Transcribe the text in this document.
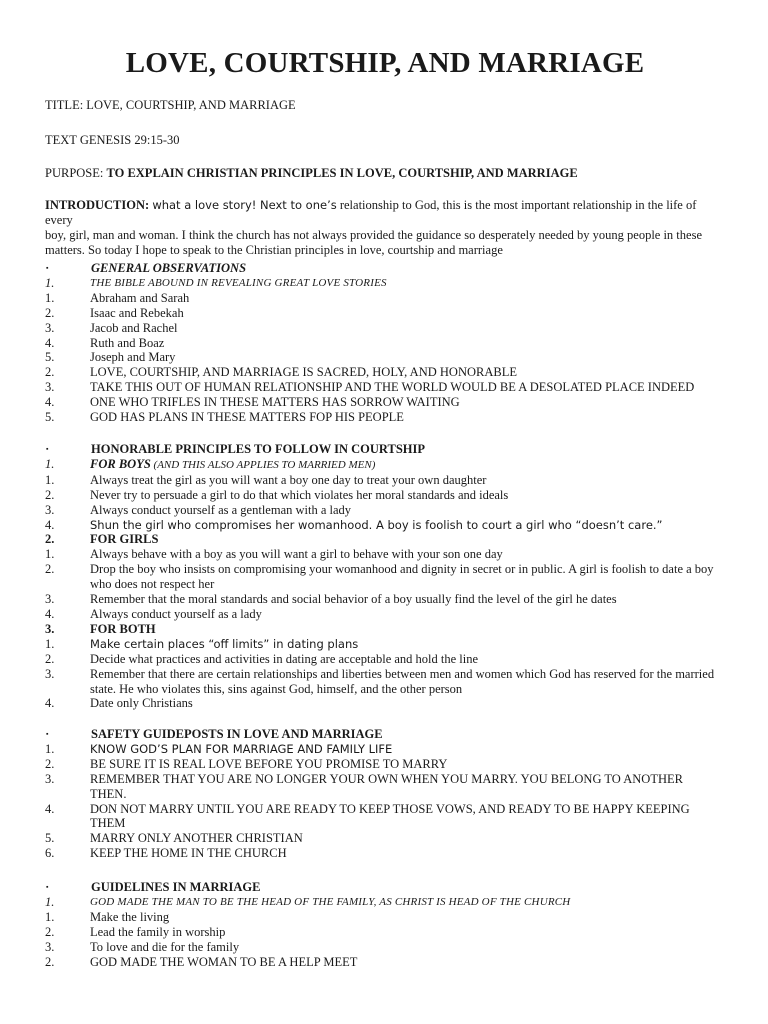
LOVE, COURTSHIP, AND MARRIAGE
TITLE: LOVE, COURTSHIP, AND MARRIAGE
TEXT GENESIS 29:15-30
PURPOSE: TO EXPLAIN CHRISTIAN PRINCIPLES IN LOVE, COURTSHIP, AND MARRIAGE
INTRODUCTION: what a love story! Next to one’s relationship to God, this is the most important relationship in the life of every
boy, girl, man and woman. I think the church has not always provided the guidance so desperately needed by young people in these
matters. So today I hope to speak to the Christian principles in love, courtship and marriage
▪	GENERAL OBSERVATIONS
1.	THE BIBLE ABOUND IN REVEALING GREAT LOVE STORIES
1.	Abraham and Sarah
2.	Isaac and Rebekah
3.	Jacob and Rachel
4.	Ruth and Boaz
5.	Joseph and Mary
2.	LOVE, COURTSHIP, AND MARRIAGE IS SACRED, HOLY, AND HONORABLE
3.	TAKE THIS OUT OF HUMAN RELATIONSHIP AND THE WORLD WOULD BE A DESOLATED PLACE INDEED
4.	ONE WHO TRIFLES IN THESE MATTERS HAS SORROW WAITING
5.	GOD HAS PLANS IN THESE MATTERS FOP HIS PEOPLE
▪	HONORABLE PRINCIPLES TO FOLLOW IN COURTSHIP
1.	FOR BOYS (AND THIS ALSO APPLIES TO MARRIED MEN)
1.	Always treat the girl as you will want a boy one day to treat your own daughter
2.	Never try to persuade a girl to do that which violates her moral standards and ideals
3.	Always conduct yourself as a gentleman with a lady
4.	Shun the girl who compromises her womanhood. A boy is foolish to court a girl who “doesn’t care.”
2.	FOR GIRLS
1.	Always behave with a boy as you will want a girl to behave with your son one day
2.	Drop the boy who insists on compromising your womanhood and dignity in secret or in public. A girl is foolish to date a boy
who does not respect her
3.	Remember that the moral standards and social behavior of a boy usually find the level of the girl he dates
4.	Always conduct yourself as a lady
3.	FOR BOTH
1.	Make certain places “off limits” in dating plans
2.	Decide what practices and activities in dating are acceptable and hold the line
3.	Remember that there are certain relationships and liberties between men and women which God has reserved for the married
state. He who violates this, sins against God, himself, and the other person
4.	Date only Christians
▪	SAFETY GUIDEPOSTS IN LOVE AND MARRIAGE
1.	KNOW GOD’S PLAN FOR MARRIAGE AND FAMILY LIFE
2.	BE SURE IT IS REAL LOVE BEFORE YOU PROMISE TO MARRY
3.	REMEMBER THAT YOU ARE NO LONGER YOUR OWN WHEN YOU MARRY. YOU BELONG TO ANOTHER
THEN.
4.	DON NOT MARRY UNTIL YOU ARE READY TO KEEP THOSE VOWS, AND READY TO BE HAPPY KEEPING
THEM
5.	MARRY ONLY ANOTHER CHRISTIAN
6.	KEEP THE HOME IN THE CHURCH
▪	GUIDELINES IN MARRIAGE
1.	GOD MADE THE MAN TO BE THE HEAD OF THE FAMILY, AS CHRIST IS HEAD OF THE CHURCH
1.	Make the living
2.	Lead the family in worship
3.	To love and die for the family
2.	GOD MADE THE WOMAN TO BE A HELP MEET
